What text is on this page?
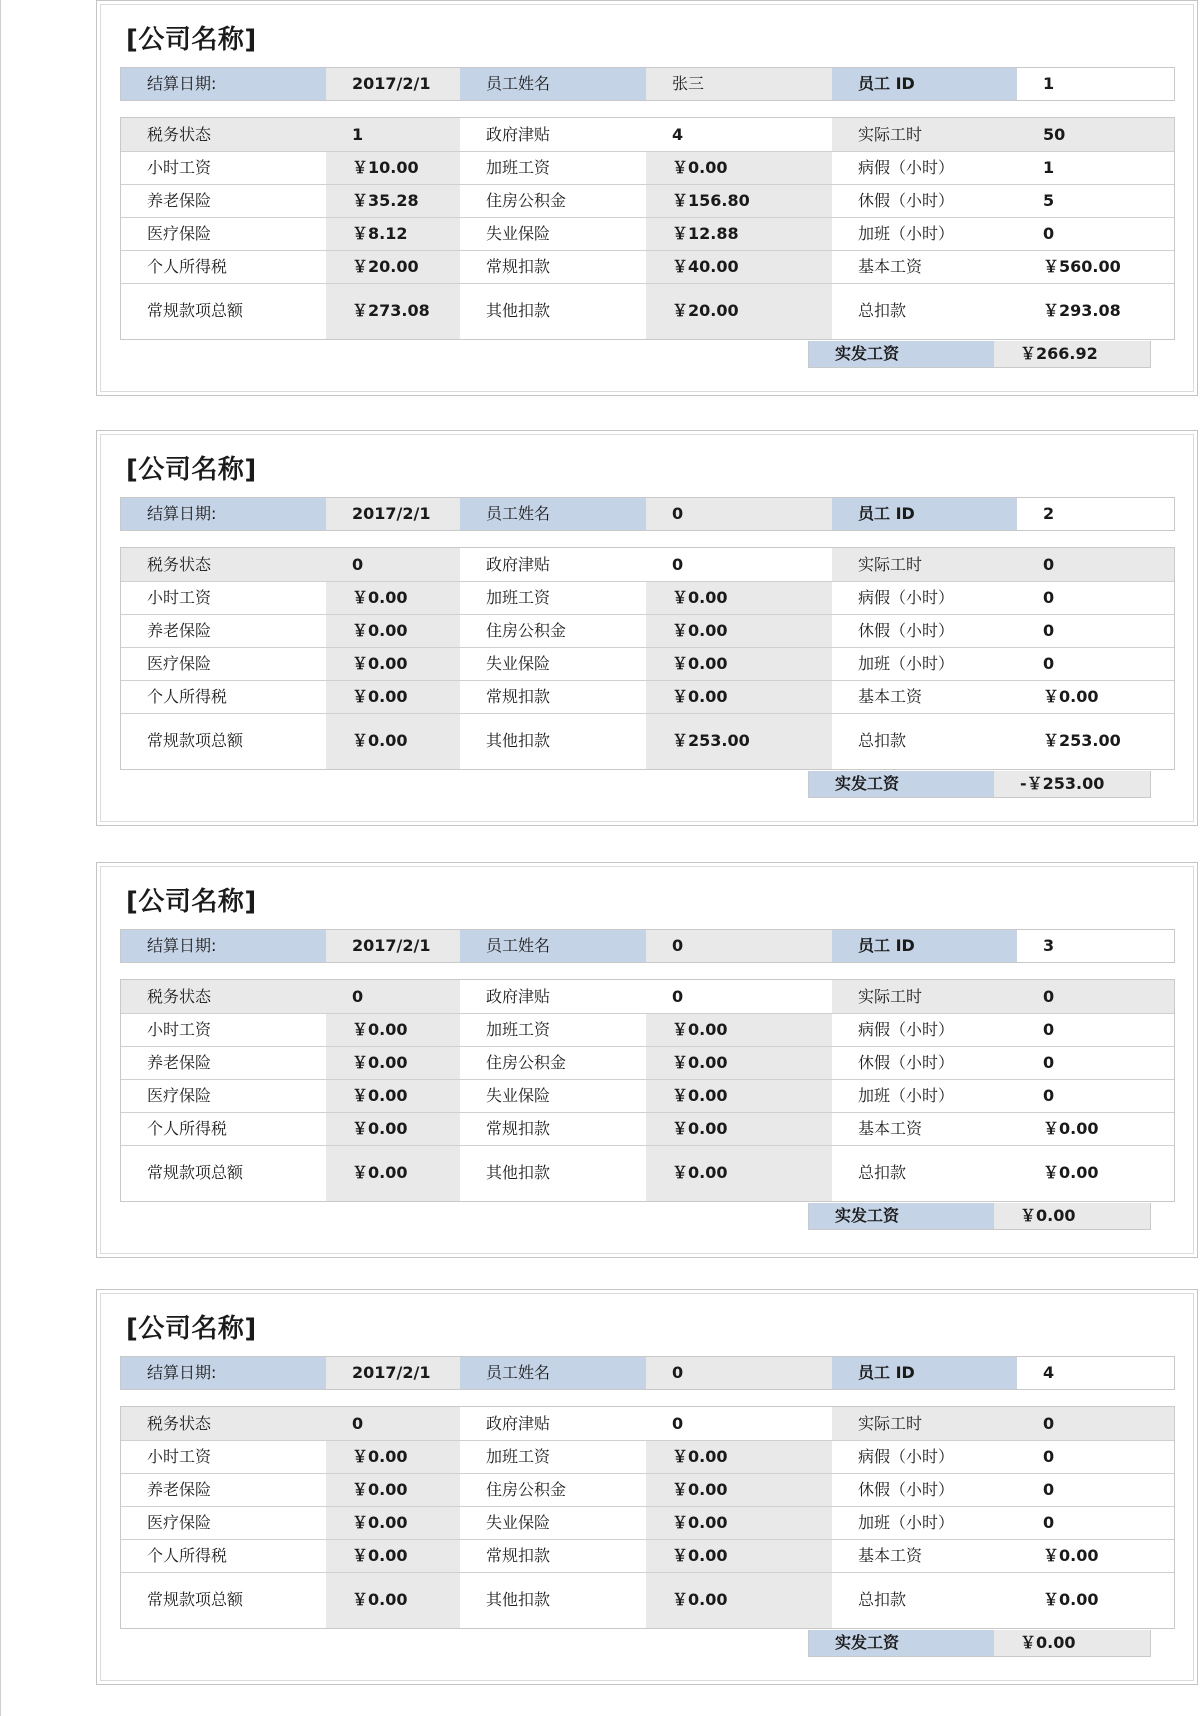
[公司名称]
结算日期:	2017/2/1	员工姓名	张三	员工 ID	1
税务状态	1	政府津贴	4	实际工时	50
小时工资	￥10.00	加班工资	￥0.00	病假（小时）	1
养老保险	￥35.28	住房公积金	￥156.80	休假（小时）	5
医疗保险	￥8.12	失业保险	￥12.88	加班（小时）	0
个人所得税	￥20.00	常规扣款	￥40.00	基本工资	￥560.00
常规款项总额	￥273.08	其他扣款	￥20.00	总扣款	￥293.08
实发工资	￥266.92
[公司名称]
结算日期:	2017/2/1	员工姓名	0	员工 ID	2
税务状态	0	政府津贴	0	实际工时	0
小时工资	￥0.00	加班工资	￥0.00	病假（小时）	0
养老保险	￥0.00	住房公积金	￥0.00	休假（小时）	0
医疗保险	￥0.00	失业保险	￥0.00	加班（小时）	0
个人所得税	￥0.00	常规扣款	￥0.00	基本工资	￥0.00
常规款项总额	￥0.00	其他扣款	￥253.00	总扣款	￥253.00
实发工资	-￥253.00
[公司名称]
结算日期:	2017/2/1	员工姓名	0	员工 ID	3
税务状态	0	政府津贴	0	实际工时	0
小时工资	￥0.00	加班工资	￥0.00	病假（小时）	0
养老保险	￥0.00	住房公积金	￥0.00	休假（小时）	0
医疗保险	￥0.00	失业保险	￥0.00	加班（小时）	0
个人所得税	￥0.00	常规扣款	￥0.00	基本工资	￥0.00
常规款项总额	￥0.00	其他扣款	￥0.00	总扣款	￥0.00
实发工资	￥0.00
[公司名称]
结算日期:	2017/2/1	员工姓名	0	员工 ID	4
税务状态	0	政府津贴	0	实际工时	0
小时工资	￥0.00	加班工资	￥0.00	病假（小时）	0
养老保险	￥0.00	住房公积金	￥0.00	休假（小时）	0
医疗保险	￥0.00	失业保险	￥0.00	加班（小时）	0
个人所得税	￥0.00	常规扣款	￥0.00	基本工资	￥0.00
常规款项总额	￥0.00	其他扣款	￥0.00	总扣款	￥0.00
实发工资	￥0.00
